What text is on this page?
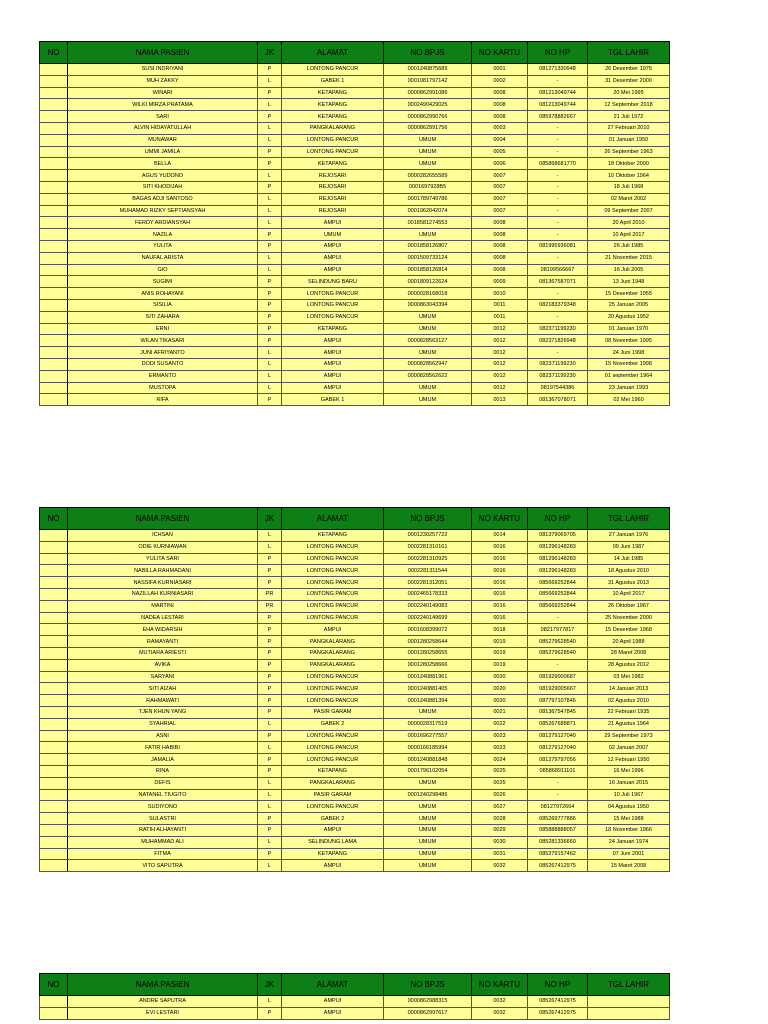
NO	NAMA PASIEN	JK	ALAMAT	NO BPJS	NO KARTU	NO HP	TGL LAHIR
	SUSI INDRIYANI	P	LONTONG PANCUR	0001240875689	0001	081271330948	26 Desember 1975
	MUH ZAKKY	L	GABEK 1	0001081797142	0002	-	31 Desember 2000
	WINARI	P	KETAPANG	0000862991086	0008	081213049744	20 Mei 1995
	WILKI MIRZA PRATAMA	L	KETAPANG	0002490429025	0008	081213049744	12 September 2018
	SARI	P	KETAPANG	0000862990766	0008	085978882667	21 Juli 1972
	ALVIN HIDAYATULLAH	L	PANGKALARANG	0000862991756	0003	-	27 Februari 2010
	MUNAWAR	L	LONTONG PANCUR	UMUM	0004	-	01 Januari 1950
	UMMI JAMILA	P	LONTONG PANCUR	UMUM	0005	-	26 September 1963
	BELLA	P	KETAPANG	UMUM	0006	085868681770	18 Oktober 2000
	AGUS YUDONO	L	REJOSARI	0000282655589	0007	-	10 Oktober 1964
	SITI KHODIJAH	P	REJOSARI	0001697928B5	0007	-	18 Juli 1968
	BAGAS ADJI SANTOSO	L	REJOSARI	0001789749786	0007	-	02 Maret 2002
	MUHAMAD RIZKY SEPTIANSYAH	L	REJOSARI	0001962042074	0007	-	09 September 2007
	FERDY ARDIANSYAH	L	AMPUI	0018581274553	0008	-	20 April 2010
	NAZILA	P	UMUM	UMUM	0008	-	10 April 2017
	YULITA	P	AMPUI	0001858126807	0008	081995936081	26 Juli 1985
	NAUFAL ARISTA	L	AMPUI	0001509733124	0008	-	21 November 2015
	GIO	L	AMPUI	0001858126814	0008	08199566667	16 Juli 2005
	SUGIMI	P	SELINDUNG BARU	0001809122624	0009	081367587071	13 Juni 1948
	ANIS ROHAYANI	P	LONTONG PANCUR	0000028168018	0010	-	15 Desember 1955
	SISILIA	P	LONTONG PANCUR	0000863043394	0011	082183379348	25 Januari 2005
	SITI ZAHARA	P	LONTONG PANCUR	UMUM	0011	-	20 Agustus 1952
	ERNI	P	KETAPANG	UMUM	0012	082371199230	01 Januari 1970
	WILAN TIKASARI	P	AMPUI	0000828563127	0012	082371826948	08 November 1995
	JUNI AFRIYANTO	L	AMPUI	UMUM	0012	-	24 Juni 1998
	DODI SUSANTO	L	AMPUI	0000828562947	0012	082371199230	15 November 1998
	ERMANTO	L	AMPUI	0000828562622	0012	082371199230	01 september 1964
	MUSTOPA	L	AMPUI	UMUM	0012	08197544386	23 Januari 1993
	RIFA	P	GABEK 1	UMUM	0013	081367078071	02 Mei 1960
NO	NAMA PASIEN	JK	ALAMAT	NO BPJS	NO KARTU	NO HP	TGL LAHIR
	ICHSAN	L	KETAPANG	0001230257722	0014	081379069705	27 Januari 1976
	ODIE KURNIAWAN	L	LONTONG PANCUR	0002281310161	0016	081296148283	09 Juni 1987
	YULITA SARI	P	LONTONG PANCUR	0002281310925	0016	081296148283	14 Juli 1985
	NABILLA RAHMADANI	P	LONTONG PANCUR	0002281311544	0016	081296148283	18 Agustus 2010
	NASSIFA KURNIASARI	P	LONTONG PANCUR	0002281312051	0016	085669252844	31 Agustus 2013
	NAZILLAH KURNIASARI	PR	LONTONG PANCUR	0002465178333	0016	085669252844	10 April 2017
	MARTINI	PR	LONTONG PANCUR	0002240149083	0016	085669252844	26 Oktober 1967
	NADEA LESTARI	P	LONTONG PANCUR	0002240149699	0016	-	25 November 2000
	EHA WIDARSIH	P	AMPUI	0001608399072	0018	08217977817	15 Desember 1968
	RAMAYANTI	P	PANGKALARANG	0001280258644	0019	085279628540	20 April 1988
	MUTIARA ARIESTI	P	PANGKALARANG	0001280258655	0019	085279628540	28 Maret 2008
	AVIKA	P	PANGKALARANG	0001280258666	0019	-	28 Agustus 2012
	SARYANI	P	LONTONG PANCUR	0001240881961	0020	081929000687	03 Mei 1982
	SITI AIZAH	P	LONTONG PANCUR	0001240881405	0020	081929005667	14 Januari 2013
	RAHMAWATI	P	LONTONG PANCUR	0001240881394	0020	087797107846	02 Agustus 2010
	TJEN KHUN YANG	P	PASIR GARAM	UMUM	0021	081367547845	22 Februari 1935
	SYAHRIAL	L	GABEK 2	0000028317519	0022	085267688871	21 Agustus 1964
	ASNI	P	LONTONG PANCUR	0001696277557	0023	081279127040	29 September 1973
	FATIR HABIBI	L	LONTONG PANCUR	0000166185994	0023	081279127040	02 Januari 2007
	JAMALIA	P	LONTONG PANCUR	0001240881848	0024	081279797056	12 Februari 1950
	RINA	P	KETAPANG	0001796102054	0025	085868911101	16 Mei 1996
	DEFIS	L	PANGKALARANG	UMUM	0025	-	16 Januari 2015
	NATANEL TIUGITO	L	PASIR GARAM	0001240298486	0026	-	10 Juli 1967
	SUDIYONO	L	LONTONG PANCUR	UMUM	0027	08127972664	04 Agustus 1950
	SULASTRI	P	GABEK 2	UMUM	0028	085269777886	15 Mei 1988
	RATIH ALHAYANTI	P	AMPUI	UMUM	0029	085888888057	18 November 1966
	MUHAMMAD ALI	L	SELINDUNG LAMA	UMUM	0030	085281336660	24 Januari 1974
	FITMA	P	KETAPANG	UMUM	0031	085279157462	07 Juni 2001
	VITO SAPUTRA	L	AMPUI	UMUM	0032	085267412975	15 Maret 2008
NO	NAMA PASIEN	JK	ALAMAT	NO BPJS	NO KARTU	NO HP	TGL LAHIR
	ANDRE SAPUTRA	L	AMPUI	0000862988315	0032	085267412975	
	EVI LESTARI	P	AMPUI	0000862997617	0032	085267412975	
